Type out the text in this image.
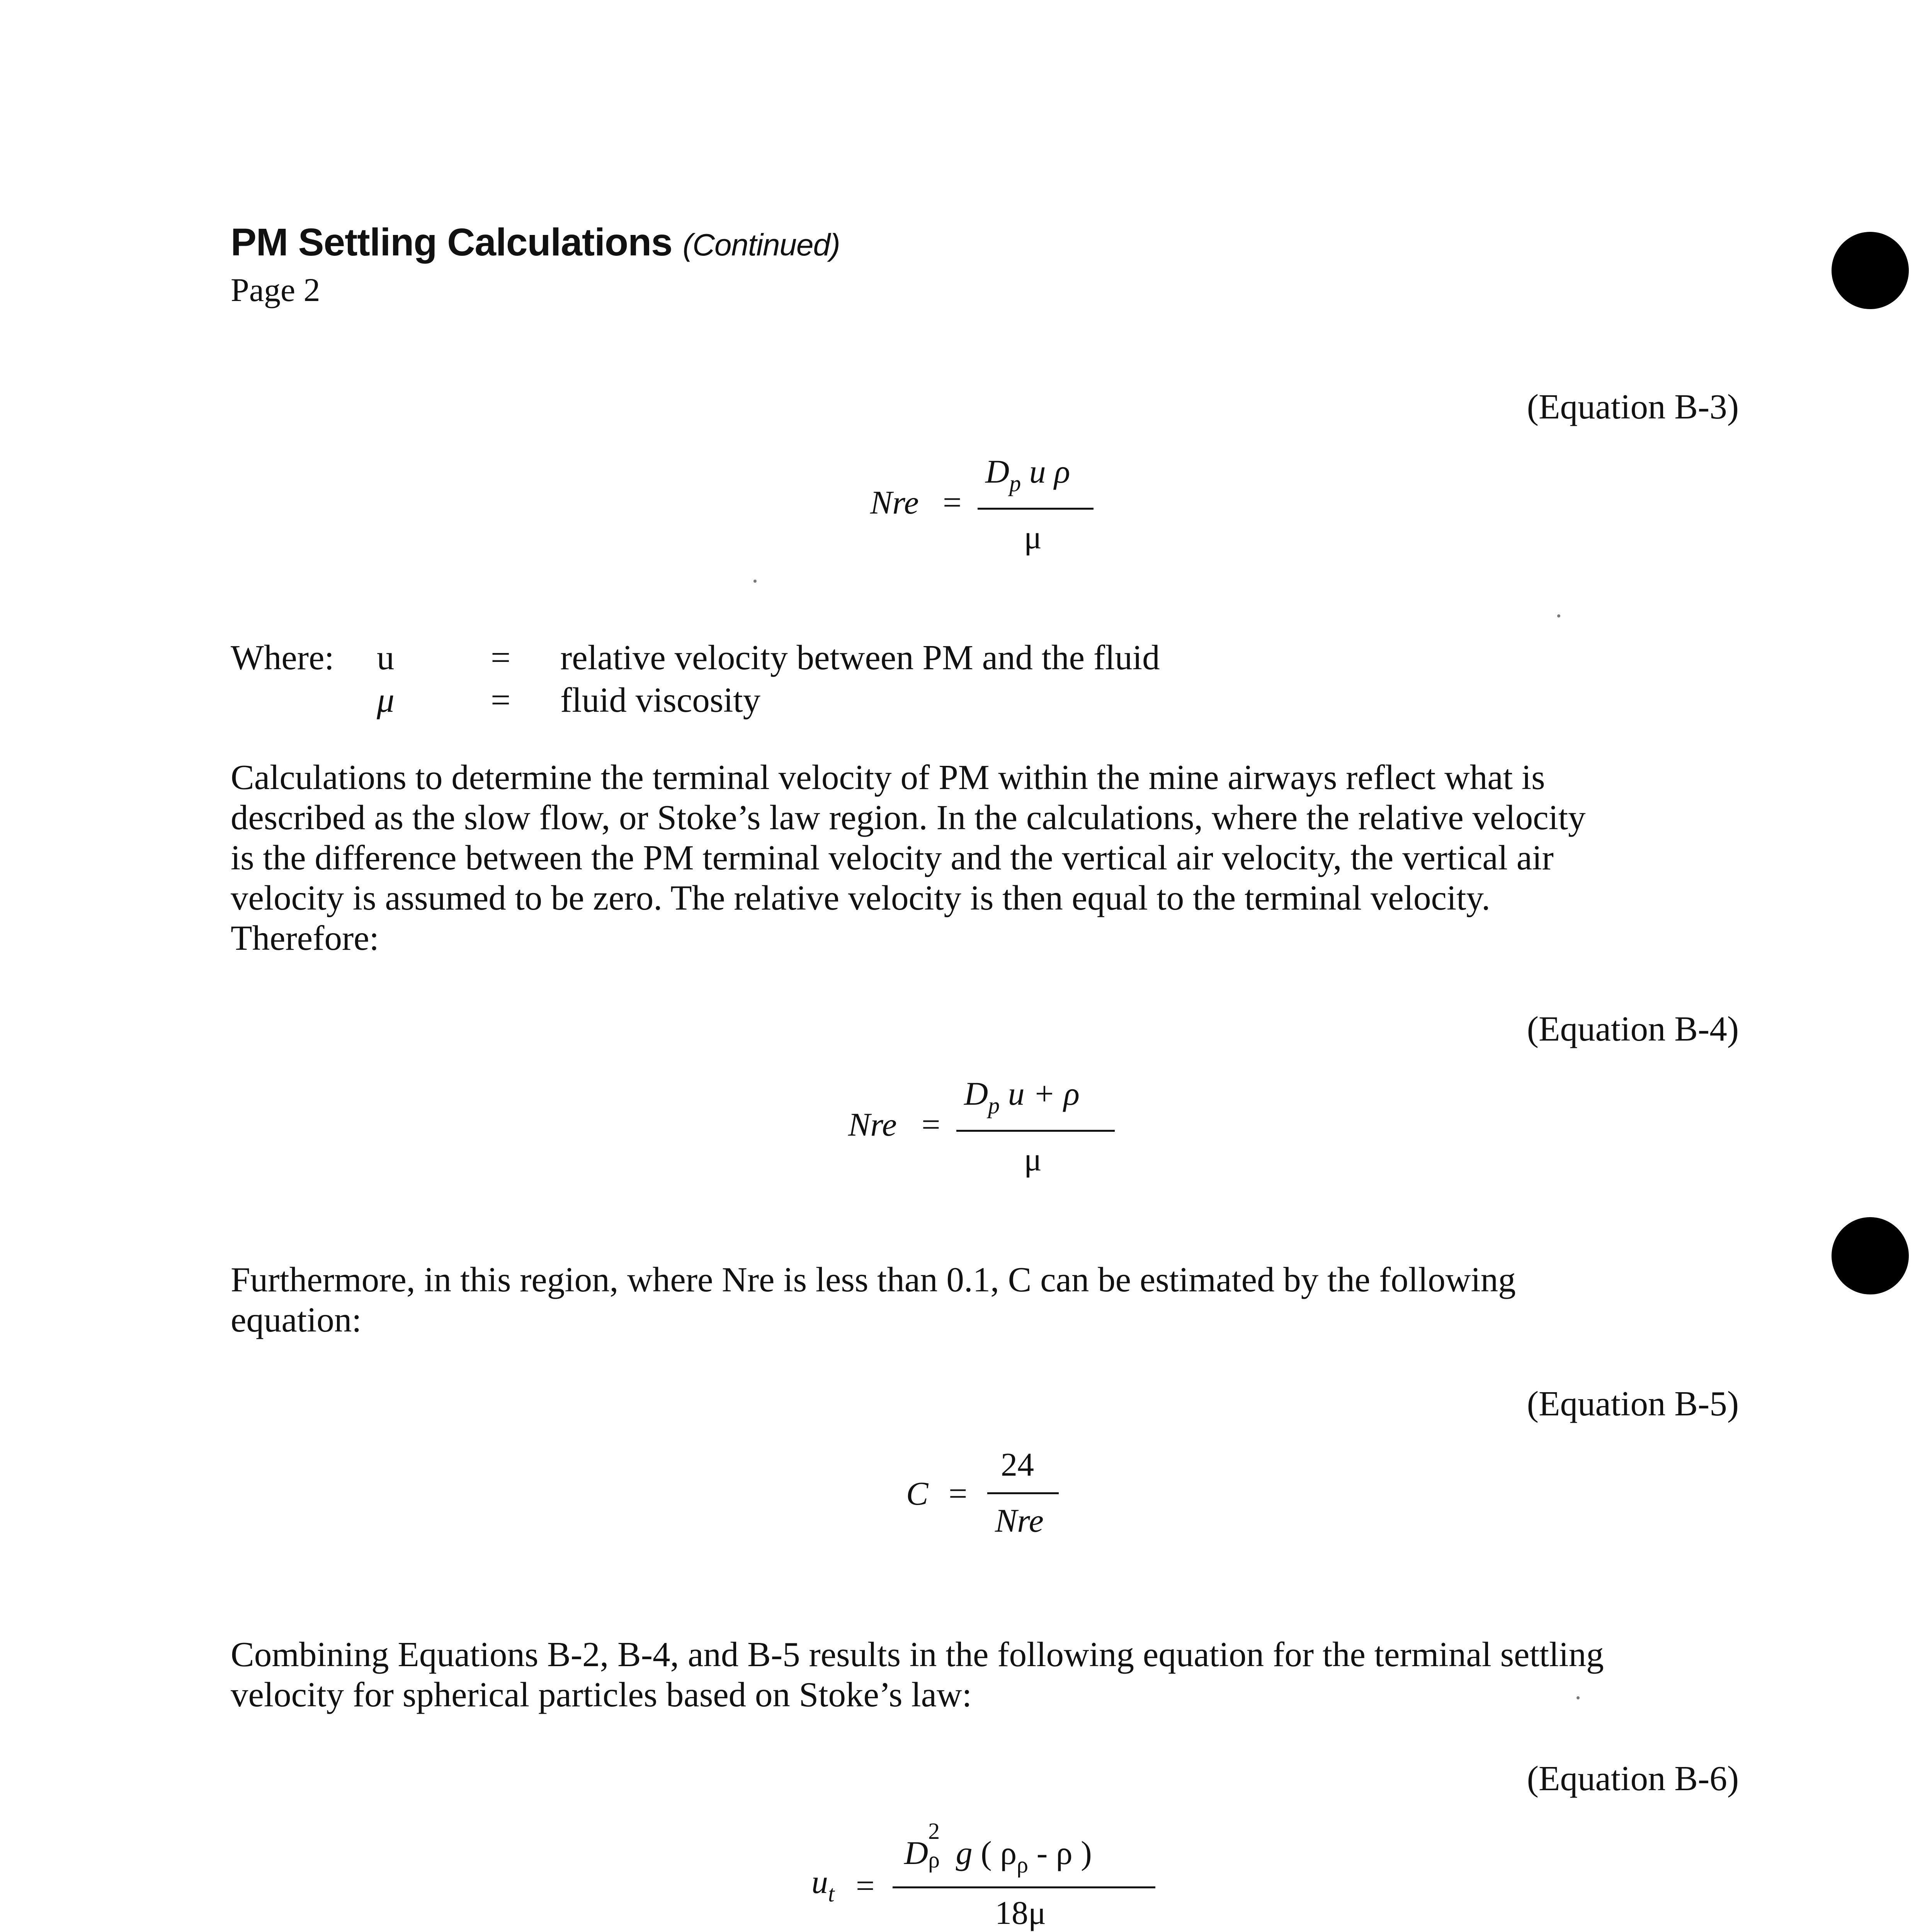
PM Settling Calculations (Continued)
Page 2
(Equation B-3)
Nre =
$D_p$ u ρ
μ
Where: u	= relative velocity between PM and the fluid
μ	= fluid viscosity
Calculations to determine the terminal velocity of PM within the mine airways reflect what is
described as the slow flow, or Stoke’s law region. In the calculations, where the relative velocity
is the difference between the PM terminal velocity and the vertical air velocity, the vertical air
velocity is assumed to be zero. The relative velocity is then equal to the terminal velocity.
Therefore:
(Equation B-4)
Nre =
$D_p$ u + ρ
μ
Furthermore, in this region, where Nre is less than 0.1, C can be estimated by the following
equation:
(Equation B-5)
C =
24
Nre
Combining Equations B-2, B-4, and B-5 results in the following equation for the terminal settling
velocity for spherical particles based on Stoke’s law:
(Equation B-6)
$u_t$ =
D
2
ρ g ( $\rho_\rho$ - ρ )
18μ
